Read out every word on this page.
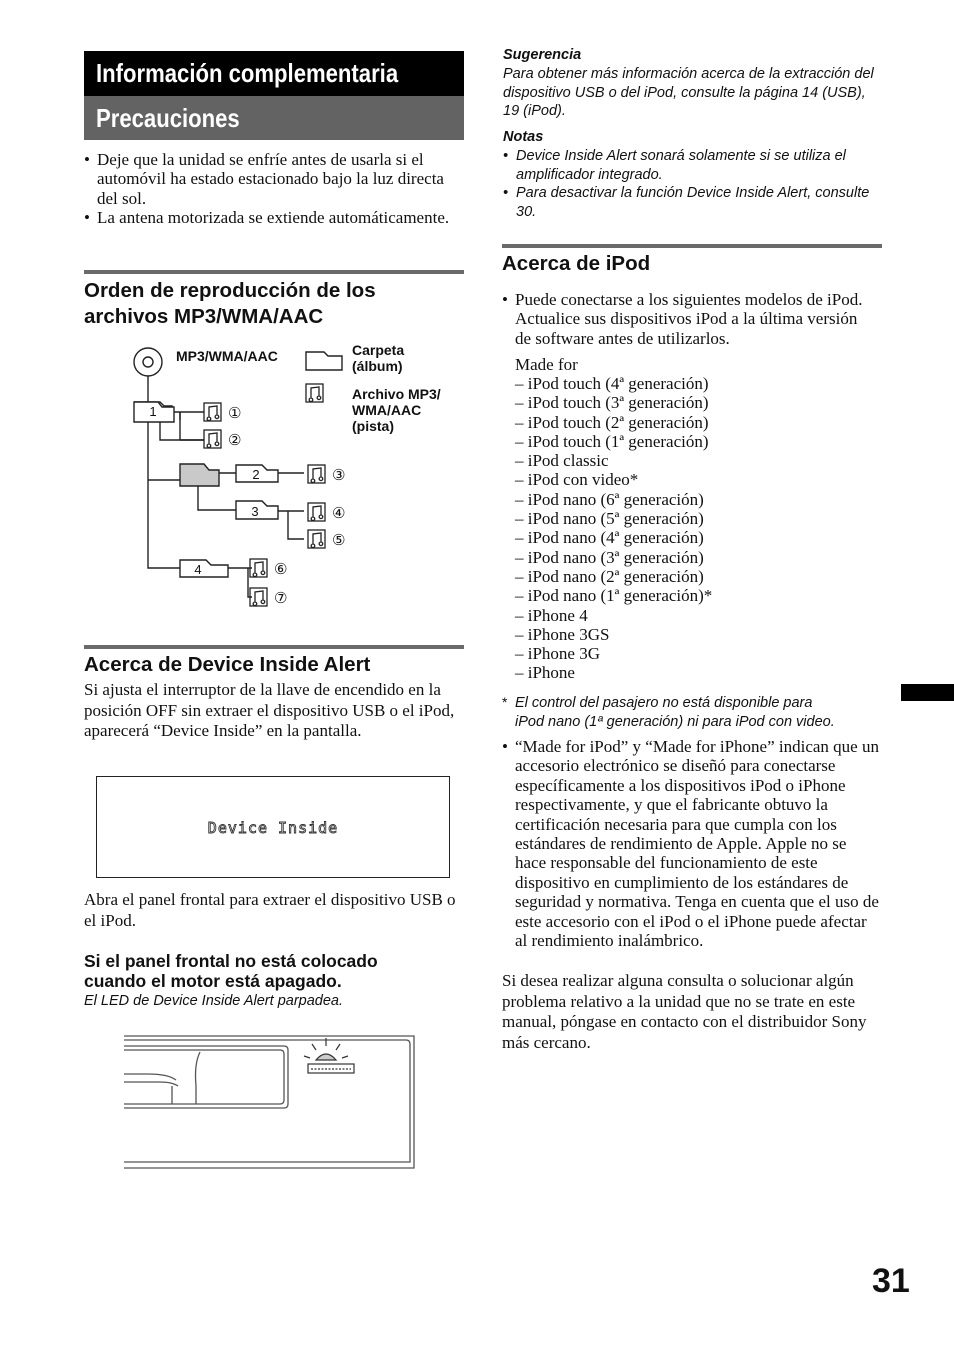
Información complementaria
Precauciones
• Deje que la unidad se enfríe antes de usarla si el automóvil ha estado estacionado bajo la luz directa del sol.
• La antena motorizada se extiende automáticamente.
Orden de reproducción de los
archivos MP3/WMA/AAC
1
2
3
4
①
②
③
④
⑤
⑥
⑦
MP3/WMA/AAC	Carpeta
(álbum)
Archivo MP3/
WMA/AAC
(pista)
Acerca de Device Inside Alert
Si ajusta el interruptor de la llave de encendido en la posición OFF sin extraer el dispositivo USB o el iPod, aparecerá “Device Inside” en la pantalla.
Device Inside
Abra el panel frontal para extraer el dispositivo USB o el iPod.
Si el panel frontal no está colocado
cuando el motor está apagado.
El LED de Device Inside Alert parpadea.
Sugerencia
Para obtener más información acerca de la extracción del dispositivo USB o del iPod, consulte la página 14 (USB), 19 (iPod).
Notas
• Device Inside Alert sonará solamente si se utiliza el amplificador integrado.
• Para desactivar la función Device Inside Alert, consulte 30.
Acerca de iPod
• Puede conectarse a los siguientes modelos de iPod. Actualice sus dispositivos iPod a la última versión de software antes de utilizarlos.
Made for
– iPod touch (4ª generación)
– iPod touch (3ª generación)
– iPod touch (2ª generación)
– iPod touch (1ª generación)
– iPod classic
– iPod con video*
– iPod nano (6ª generación)
– iPod nano (5ª generación)
– iPod nano (4ª generación)
– iPod nano (3ª generación)
– iPod nano (2ª generación)
– iPod nano (1ª generación)*
– iPhone 4
– iPhone 3GS
– iPhone 3G
– iPhone
* El control del pasajero no está disponible para
iPod nano (1ª generación) ni para iPod con video.
• “Made for iPod” y “Made for iPhone” indican que un accesorio electrónico se diseñó para conectarse específicamente a los dispositivos iPod o iPhone respectivamente, y que el fabricante obtuvo la certificación necesaria para que cumpla con los estándares de rendimiento de Apple. Apple no se hace responsable del funcionamiento de este dispositivo en cumplimiento de los estándares de seguridad y normativa. Tenga en cuenta que el uso de este accesorio con el iPod o el iPhone puede afectar al rendimiento inalámbrico.
Si desea realizar alguna consulta o solucionar algún problema relativo a la unidad que no se trate en este manual, póngase en contacto con el distribuidor Sony más cercano.
31
